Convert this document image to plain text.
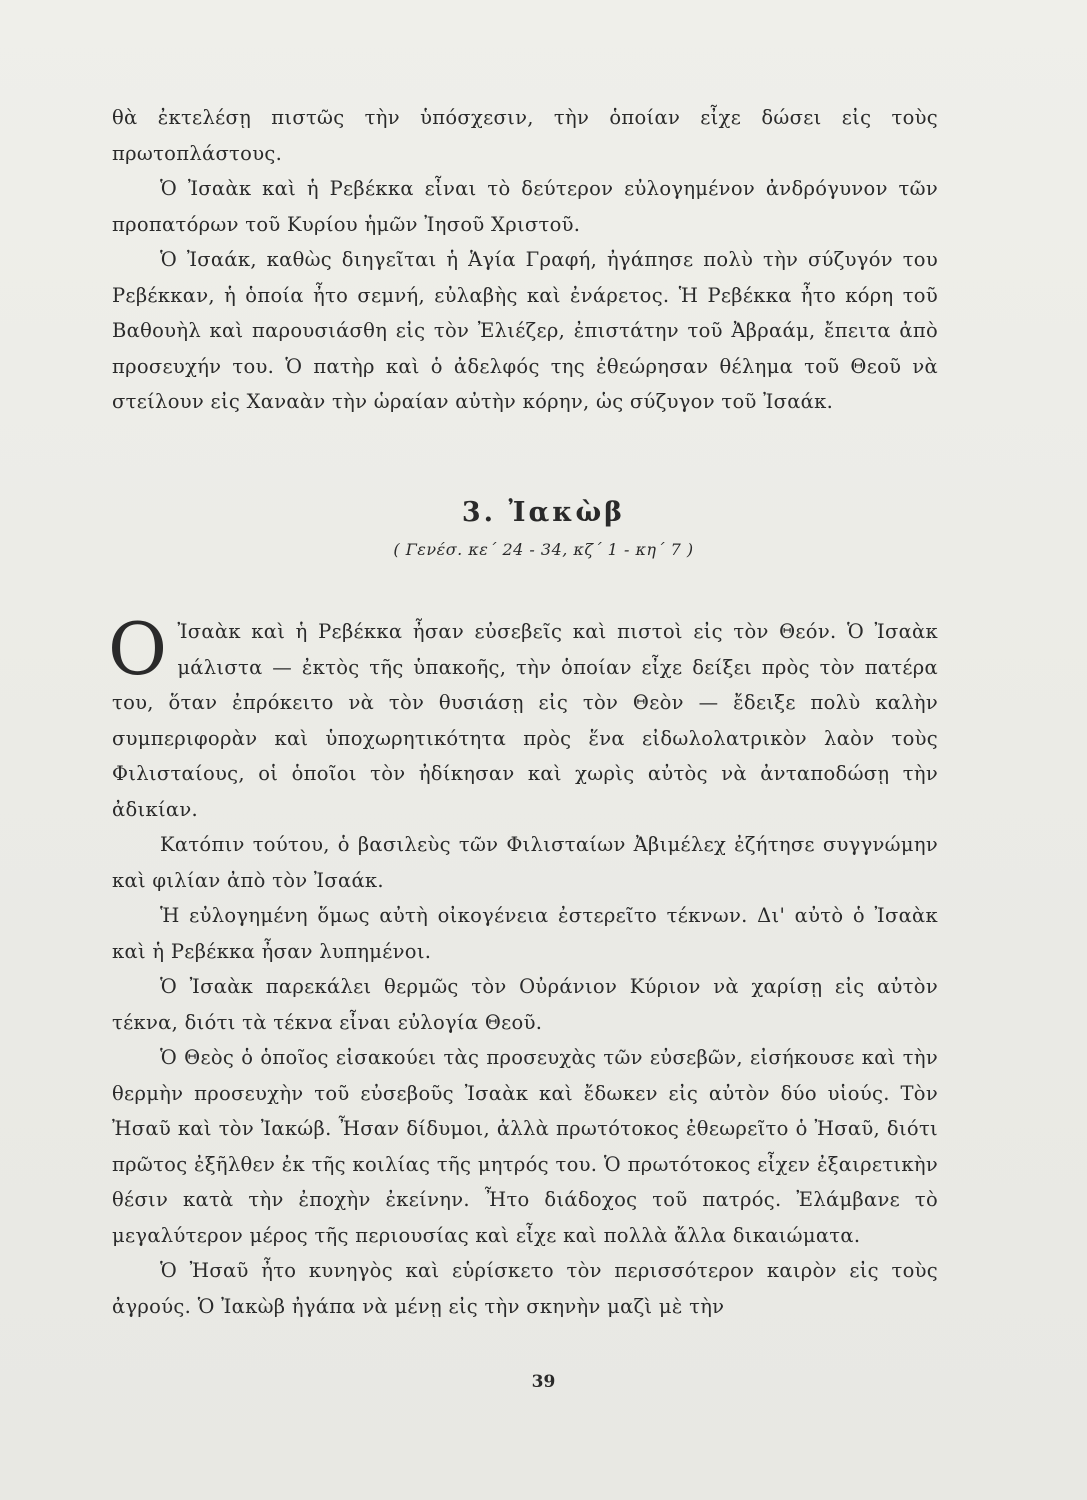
θὰ ἐκτελέσῃ πιστῶς τὴν ὑπόσχεσιν, τὴν ὁποίαν εἶχε δώσει εἰς τοὺς πρωτοπλάστους.

Ὁ Ἰσαὰκ καὶ ἡ Ρεβέκκα εἶναι τὸ δεύτερον εὐλογημένον ἀνδρόγυνον τῶν προπατόρων τοῦ Κυρίου ἡμῶν Ἰησοῦ Χριστοῦ.

Ὁ Ἰσαάκ, καθὼς διηγεῖται ἡ Ἁγία Γραφή, ἠγάπησε πολὺ τὴν σύζυγόν του Ρεβέκκαν, ἡ ὁποία ἦτο σεμνή, εὐλαβὴς καὶ ἐνάρετος. Ἡ Ρεβέκκα ἦτο κόρη τοῦ Βαθουὴλ καὶ παρουσιάσθη εἰς τὸν Ἐλιέζερ, ἐπιστάτην τοῦ Ἀβραάμ, ἔπειτα ἀπὸ προσευχήν του. Ὁ πατὴρ καὶ ὁ ἀδελφός της ἐθεώρησαν θέλημα τοῦ Θεοῦ νὰ στείλουν εἰς Χαναὰν τὴν ὡραίαν αὐτὴν κόρην, ὡς σύζυγον τοῦ Ἰσαάκ.

3. Ἰακὼβ

( Γενέσ. κε΄ 24 - 34, κζ΄ 1 - κη΄ 7 )

Ο Ἰσαὰκ καὶ ἡ Ρεβέκκα ἦσαν εὐσεβεῖς καὶ πιστοὶ εἰς τὸν Θεόν. Ὁ Ἰσαὰκ μάλιστα — ἐκτὸς τῆς ὑπακοῆς, τὴν ὁποίαν εἶχε δείξει πρὸς τὸν πατέρα του, ὅταν ἐπρόκειτο νὰ τὸν θυσιάσῃ εἰς τὸν Θεὸν — ἔδειξε πολὺ καλὴν συμπεριφορὰν καὶ ὑποχωρητικότητα πρὸς ἕνα εἰδωλολατρικὸν λαὸν τοὺς Φιλισταίους, οἱ ὁποῖοι τὸν ἠδίκησαν καὶ χωρὶς αὐτὸς νὰ ἀνταποδώσῃ τὴν ἀδικίαν.

Κατόπιν τούτου, ὁ βασιλεὺς τῶν Φιλισταίων Ἀβιμέλεχ ἐζήτησε συγγνώμην καὶ φιλίαν ἀπὸ τὸν Ἰσαάκ.

Ἡ εὐλογημένη ὅμως αὐτὴ οἰκογένεια ἐστερεῖτο τέκνων. Δι' αὐτὸ ὁ Ἰσαὰκ καὶ ἡ Ρεβέκκα ἦσαν λυπημένοι.

Ὁ Ἰσαὰκ παρεκάλει θερμῶς τὸν Οὐράνιον Κύριον νὰ χαρίσῃ εἰς αὐτὸν τέκνα, διότι τὰ τέκνα εἶναι εὐλογία Θεοῦ.

Ὁ Θεὸς ὁ ὁποῖος εἰσακούει τὰς προσευχὰς τῶν εὐσεβῶν, εἰσήκουσε καὶ τὴν θερμὴν προσευχὴν τοῦ εὐσεβοῦς Ἰσαὰκ καὶ ἔδωκεν εἰς αὐτὸν δύο υἱούς. Τὸν Ἠσαῦ καὶ τὸν Ἰακώβ. Ἦσαν δίδυμοι, ἀλλὰ πρωτότοκος ἐθεωρεῖτο ὁ Ἠσαῦ, διότι πρῶτος ἐξῆλθεν ἐκ τῆς κοιλίας τῆς μητρός του. Ὁ πρωτότοκος εἶχεν ἐξαιρετικὴν θέσιν κατὰ τὴν ἐποχὴν ἐκείνην. Ἦτο διάδοχος τοῦ πατρός. Ἐλάμβανε τὸ μεγαλύτερον μέρος τῆς περιουσίας καὶ εἶχε καὶ πολλὰ ἄλλα δικαιώματα.

Ὁ Ἠσαῦ ἦτο κυνηγὸς καὶ εὑρίσκετο τὸν περισσότερον καιρὸν εἰς τοὺς ἀγρούς. Ὁ Ἰακὼβ ἠγάπα νὰ μένῃ εἰς τὴν σκηνὴν μαζὶ μὲ τὴν

39
